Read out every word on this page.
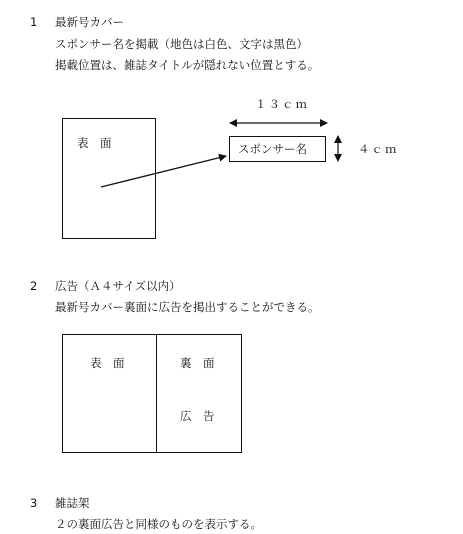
1 最新号カバー
スポンサー名を掲載（地色は白色、文字は黒色）
掲載位置は、雑誌タイトルが隠れない位置とする。
表　面
１３ｃｍ
スポンサー名	４ｃｍ
2 広告（Ａ４サイズ以内）
最新号カバー裏面に広告を掲出することができる。
表　面	裏　面
広　告
3 雑誌架
２の裏面広告と同様のものを表示する。
